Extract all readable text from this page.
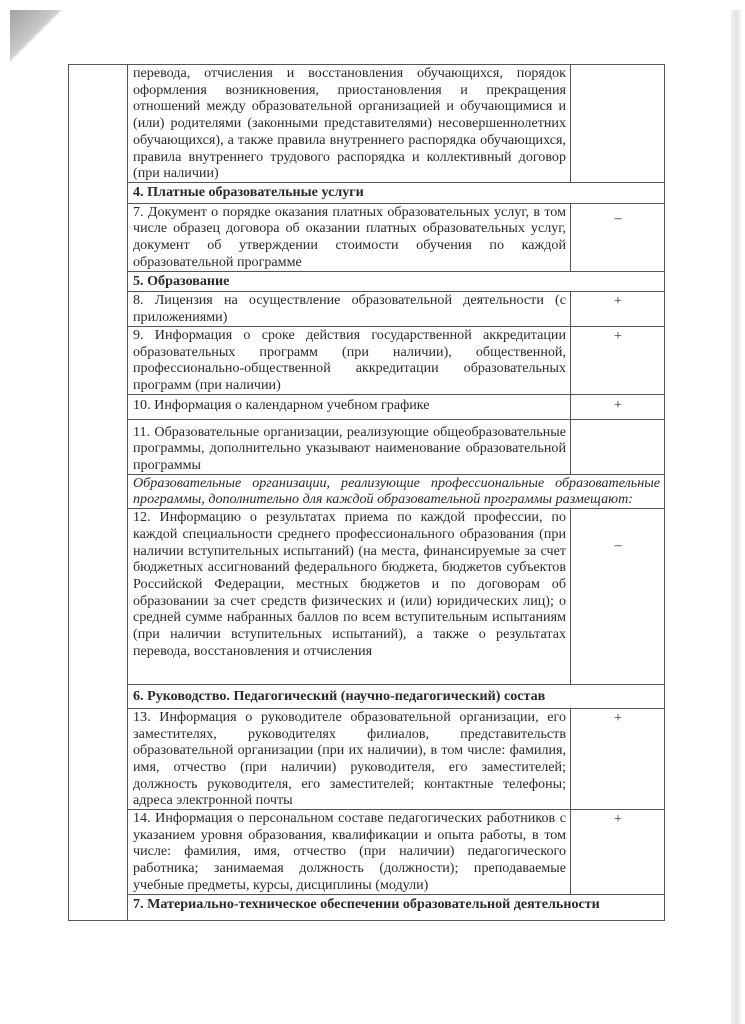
	перевода, отчисления и восстановления обучающихся, порядок оформления возникновения, приостановления и прекращения отношений между образовательной организацией и обучающимися и (или) родителями (законными представителями) несовершеннолетних обучающихся), а также правила внутреннего распорядка обучающихся, правила внутреннего трудового распорядка и коллективный договор (при наличии)	
	4. Платные образовательные услуги	
	7. Документ о порядке оказания платных образовательных услуг, в том числе образец договора об оказании платных образовательных услуг, документ об утверждении стоимости обучения по каждой образовательной программе	–
	5. Образование	
	8. Лицензия на осуществление образовательной деятельности (с приложениями)	+
	9. Информация о сроке действия государственной аккредитации образовательных программ (при наличии), общественной, профессионально-общественной аккредитации образовательных программ (при наличии)	+
	10. Информация о календарном учебном графике	+
	11. Образовательные организации, реализующие общеобразовательные программы, дополнительно указывают наименование образовательной программы	
	Образовательные организации, реализующие профессиональные образовательные программы, дополнительно для каждой образовательной программы размещают:	
	12. Информацию о результатах приема по каждой профессии, по каждой специальности среднего профессионального образования (при наличии вступительных испытаний) (на места, финансируемые за счет бюджетных ассигнований федерального бюджета, бюджетов субъектов Российской Федерации, местных бюджетов и по договорам об образовании за счет средств физических и (или) юридических лиц); о средней сумме набранных баллов по всем вступительным испытаниям (при наличии вступительных испытаний), а также о результатах перевода, восстановления и отчисления	–
	6. Руководство. Педагогический (научно-педагогический) состав	
	13. Информация о руководителе образовательной организации, его заместителях, руководителях филиалов, представительств образовательной организации (при их наличии), в том числе: фамилия, имя, отчество (при наличии) руководителя, его заместителей; должность руководителя, его заместителей; контактные телефоны; адреса электронной почты	+
	14. Информация о персональном составе педагогических работников с указанием уровня образования, квалификации и опыта работы, в том числе: фамилия, имя, отчество (при наличии) педагогического работника; занимаемая должность (должности); преподаваемые учебные предметы, курсы, дисциплины (модули)	+
	7. Материально-техническое обеспечении образовательной деятельности	
